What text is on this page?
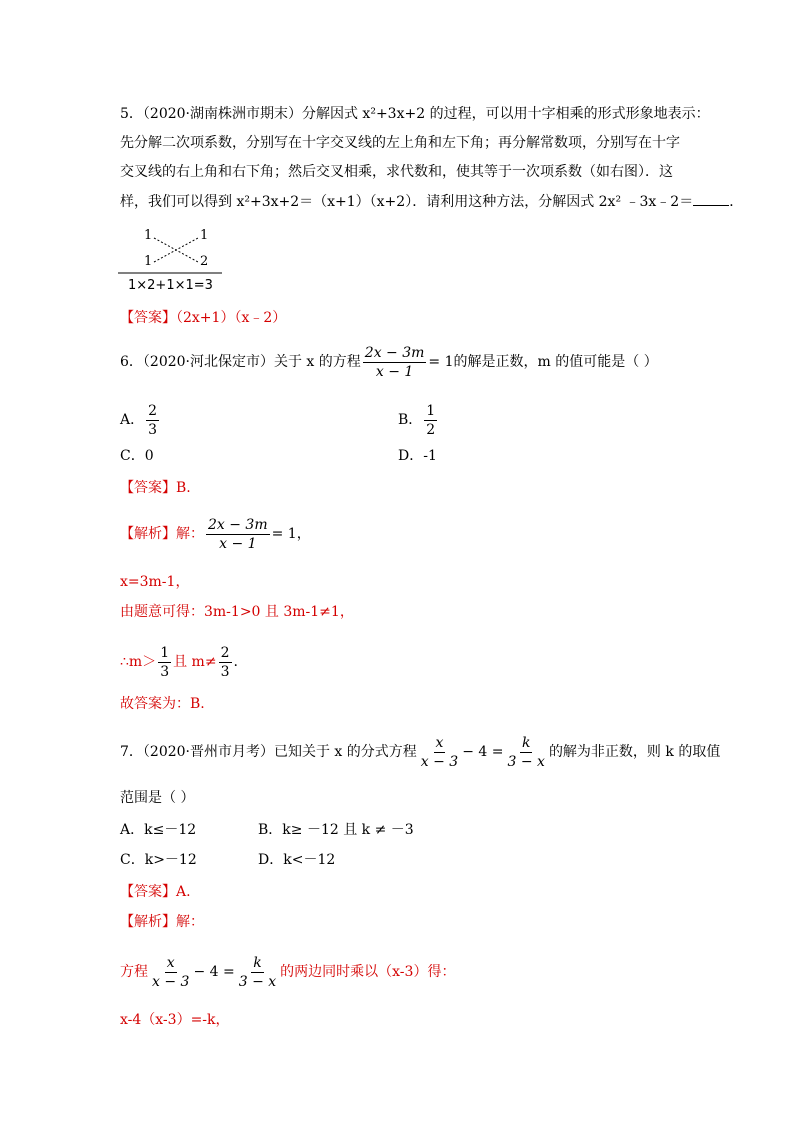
5．（2020·湖南株洲市期末）分解因式 x²+3x+2 的过程，可以用十字相乘的形式形象地表示：
先分解二次项系数，分别写在十字交叉线的左上角和左下角；再分解常数项，分别写在十字
交叉线的右上角和右下角；然后交叉相乘，求代数和，使其等于一次项系数（如右图）．这
样，我们可以得到 x²+3x+2＝（x+1）（x+2）．请利用这种方法，分解因式 2x² ﹣3x﹣2＝	．
1	1
1	2
1×2+1×1=3
【答案】（2x+1）（x﹣2）
6．（2020·河北保定市）关于 x 的方程 $\frac{2x - 3m}{x - 1} = 1$的解是正数，m 的值可能是（ ）
A． $\frac{2}{3}$	B． $\frac{1}{2}$
C．0	D．-1
【答案】B.
【解析】解： $\frac{2x - 3m}{x - 1} = 1$，
x=3m-1，
由题意可得：3m-1>0 且 3m-1≠1，
∴m＞ $\frac{1}{3}$ 且 $m\ne \frac{2}{3}$ .
故答案为：B.
7．（2020·晋州市月考）已知关于 x 的分式方程 $\frac{x}{x - 3} - 4 = \frac{k}{3 - x}$ 的解为非正数，则 k 的取值
范围是（ ）
A．k≤－12	B．k≥ －12 且 k ≠ －3
C．k>－12	D．k<－12
【答案】A.
【解析】解：
方程 $\frac{x}{x - 3} - 4 = \frac{k}{3 - x}$ 的两边同时乘以（x-3）得：
x-4（x-3）=-k，
